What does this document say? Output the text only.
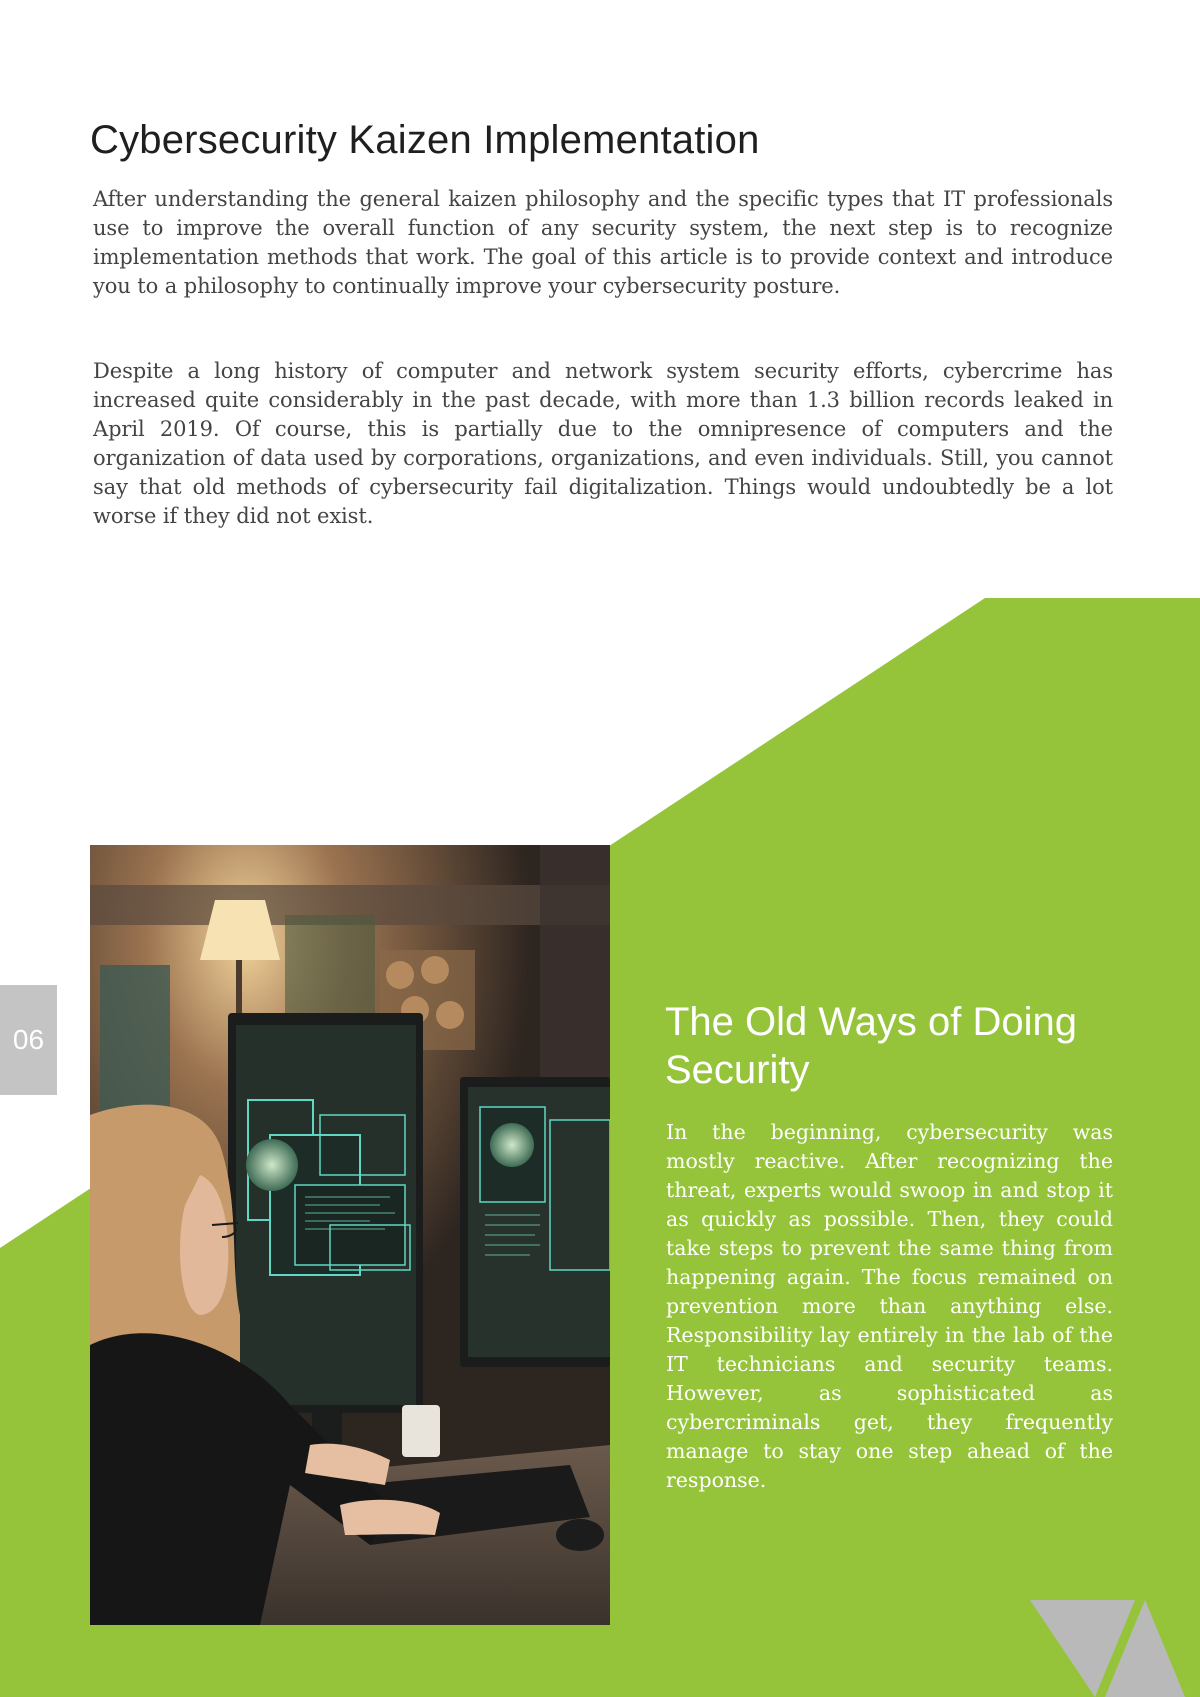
Cybersecurity Kaizen Implementation

After understanding the general kaizen philosophy and the specific types that IT professionals use to improve the overall function of any security system, the next step is to recognize implementation methods that work. The goal of this article is to provide context and introduce you to a philosophy to continually improve your cybersecurity posture.

Despite a long history of computer and network system security efforts, cybercrime has increased quite considerably in the past decade, with more than 1.3 billion records leaked in April 2019. Of course, this is partially due to the omnipresence of computers and the organization of data used by corporations, organizations, and even individuals. Still, you cannot say that old methods of cybersecurity fail digitalization. Things would undoubtedly be a lot worse if they did not exist.

06	The Old Ways of Doing Security

In the beginning, cybersecurity was mostly reactive. After recognizing the threat, experts would swoop in and stop it as quickly as possible. Then, they could take steps to prevent the same thing from happening again. The focus remained on prevention more than anything else. Responsibility lay entirely in the lab of the IT technicians and security teams. However, as sophisticated as cybercriminals get, they frequently manage to stay one step ahead of the response.
